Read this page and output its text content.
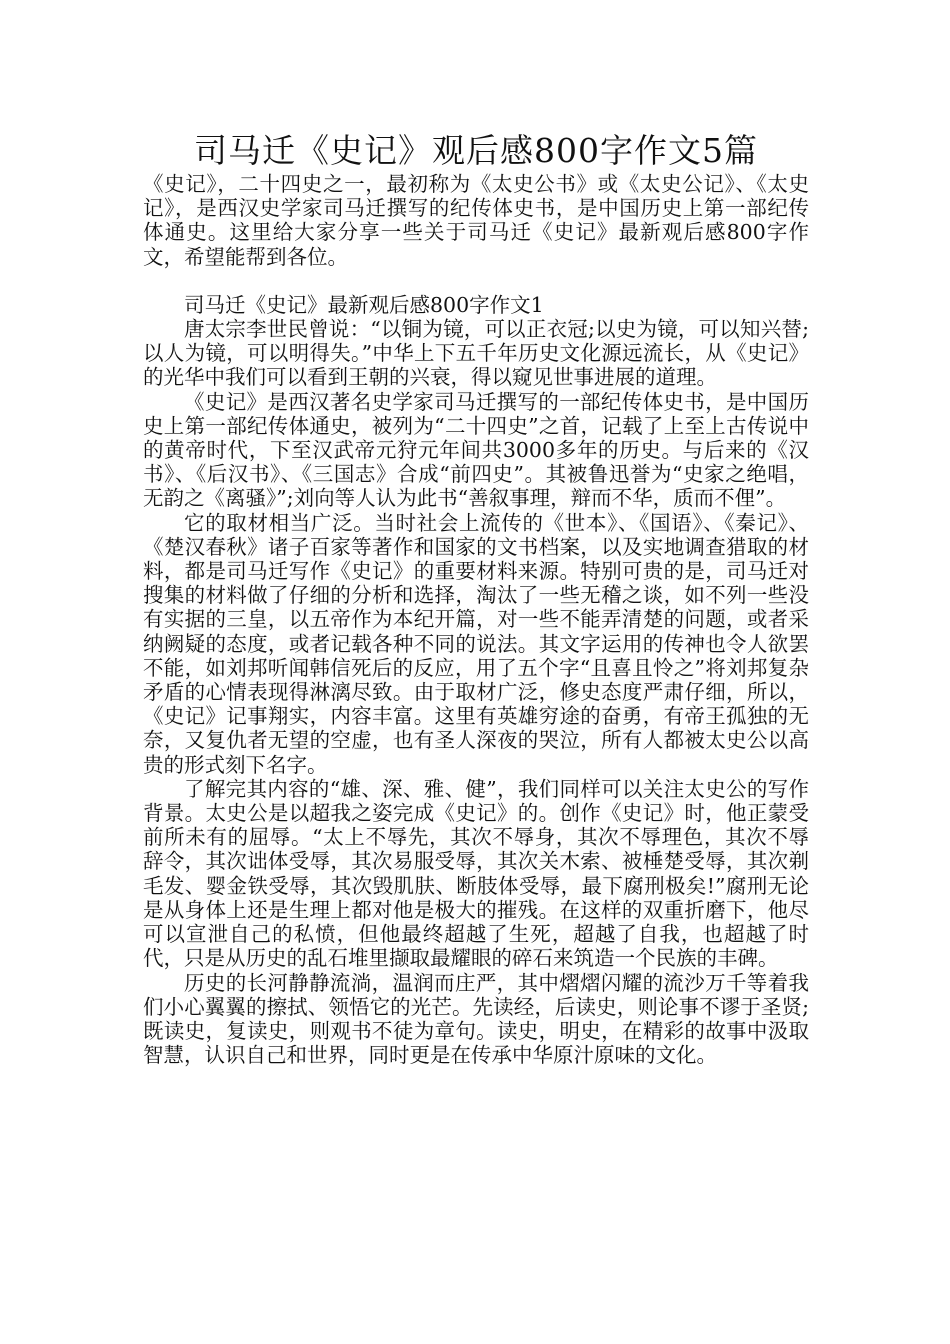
司马迁《史记》观后感800字作文5篇

《史记》，二十四史之一，最初称为《太史公书》或《太史公记》、《太史记》，是西汉史学家司马迁撰写的纪传体史书，是中国历史上第一部纪传体通史。这里给大家分享一些关于司马迁《史记》最新观后感800字作文，希望能帮到各位。

司马迁《史记》最新观后感800字作文1

唐太宗李世民曾说：“以铜为镜，可以正衣冠;以史为镜，可以知兴替;以人为镜，可以明得失。”中华上下五千年历史文化源远流长，从《史记》的光华中我们可以看到王朝的兴衰，得以窥见世事进展的道理。

《史记》是西汉著名史学家司马迁撰写的一部纪传体史书，是中国历史上第一部纪传体通史，被列为“二十四史”之首，记载了上至上古传说中的黄帝时代，下至汉武帝元狩元年间共3000多年的历史。与后来的《汉书》、《后汉书》、《三国志》合成“前四史”。其被鲁迅誉为“史家之绝唱，无韵之《离骚》”;刘向等人认为此书“善叙事理，辩而不华，质而不俚”。

它的取材相当广泛。当时社会上流传的《世本》、《国语》、《秦记》、《楚汉春秋》诸子百家等著作和国家的文书档案，以及实地调查猎取的材料，都是司马迁写作《史记》的重要材料来源。特别可贵的是，司马迁对搜集的材料做了仔细的分析和选择，淘汰了一些无稽之谈，如不列一些没有实据的三皇，以五帝作为本纪开篇，对一些不能弄清楚的问题，或者采纳阙疑的态度，或者记载各种不同的说法。其文字运用的传神也令人欲罢不能，如刘邦听闻韩信死后的反应，用了五个字“且喜且怜之”将刘邦复杂矛盾的心情表现得淋漓尽致。由于取材广泛，修史态度严肃仔细，所以，《史记》记事翔实，内容丰富。这里有英雄穷途的奋勇，有帝王孤独的无奈，又复仇者无望的空虚，也有圣人深夜的哭泣，所有人都被太史公以高贵的形式刻下名字。

了解完其内容的“雄、深、雅、健”，我们同样可以关注太史公的写作背景。太史公是以超我之姿完成《史记》的。创作《史记》时，他正蒙受前所未有的屈辱。“太上不辱先，其次不辱身，其次不辱理色，其次不辱辞令，其次诎体受辱，其次易服受辱，其次关木索、被棰楚受辱，其次剃毛发、婴金铁受辱，其次毁肌肤、断肢体受辱，最下腐刑极矣!”腐刑无论是从身体上还是生理上都对他是极大的摧残。在这样的双重折磨下，他尽可以宣泄自己的私愤，但他最终超越了生死，超越了自我，也超越了时代，只是从历史的乱石堆里撷取最耀眼的碎石来筑造一个民族的丰碑。

历史的长河静静流淌，温润而庄严，其中熠熠闪耀的流沙万千等着我们小心翼翼的擦拭、领悟它的光芒。先读经，后读史，则论事不谬于圣贤;既读史，复读史，则观书不徒为章句。读史，明史，在精彩的故事中汲取智慧，认识自己和世界，同时更是在传承中华原汁原味的文化。
